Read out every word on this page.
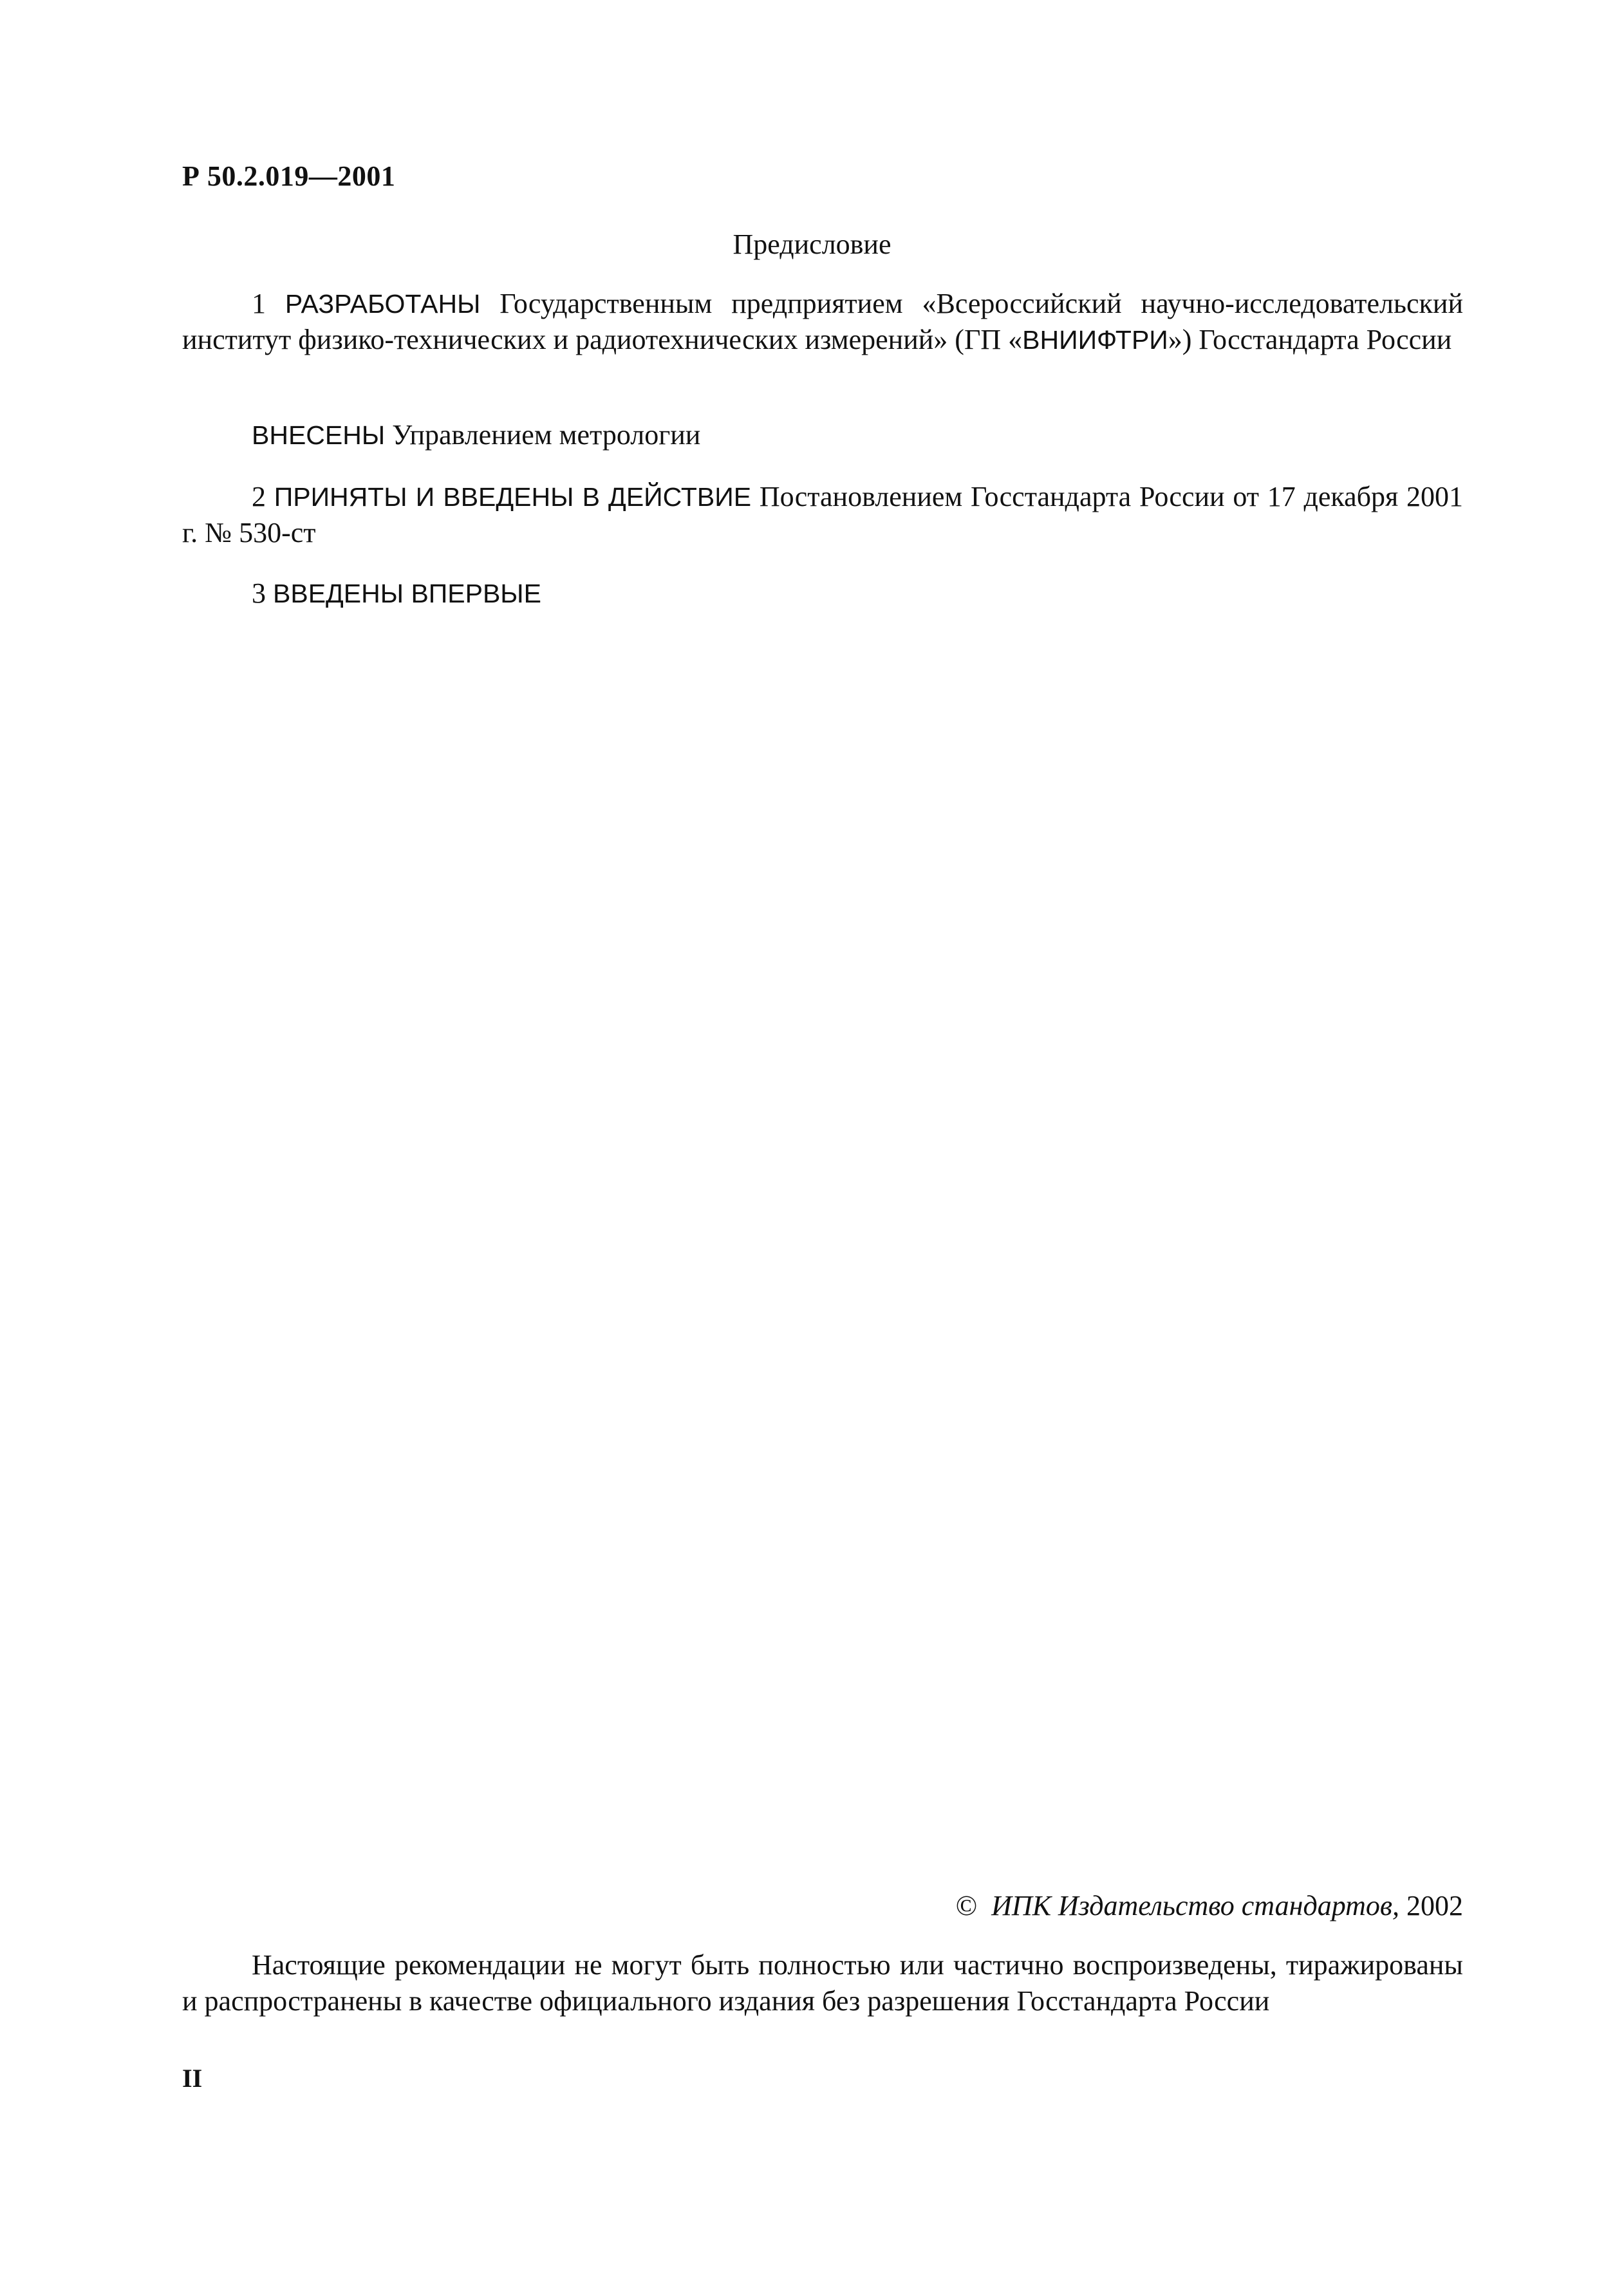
Р 50.2.019—2001
Предисловие
1 РАЗРАБОТАНЫ Государственным предприятием «Всероссийский научно-исследовательский институт физико-технических и радиотехнических измерений» (ГП «ВНИИФТРИ») Госстандарта России
ВНЕСЕНЫ Управлением метрологии
2 ПРИНЯТЫ И ВВЕДЕНЫ В ДЕЙСТВИЕ Постановлением Госстандарта России от 17 декабря 2001 г. № 530-ст
3 ВВЕДЕНЫ ВПЕРВЫЕ
© ИПК Издательство стандартов, 2002
Настоящие рекомендации не могут быть полностью или частично воспроизведены, тиражированы и распространены в качестве официального издания без разрешения Госстандарта России
II
